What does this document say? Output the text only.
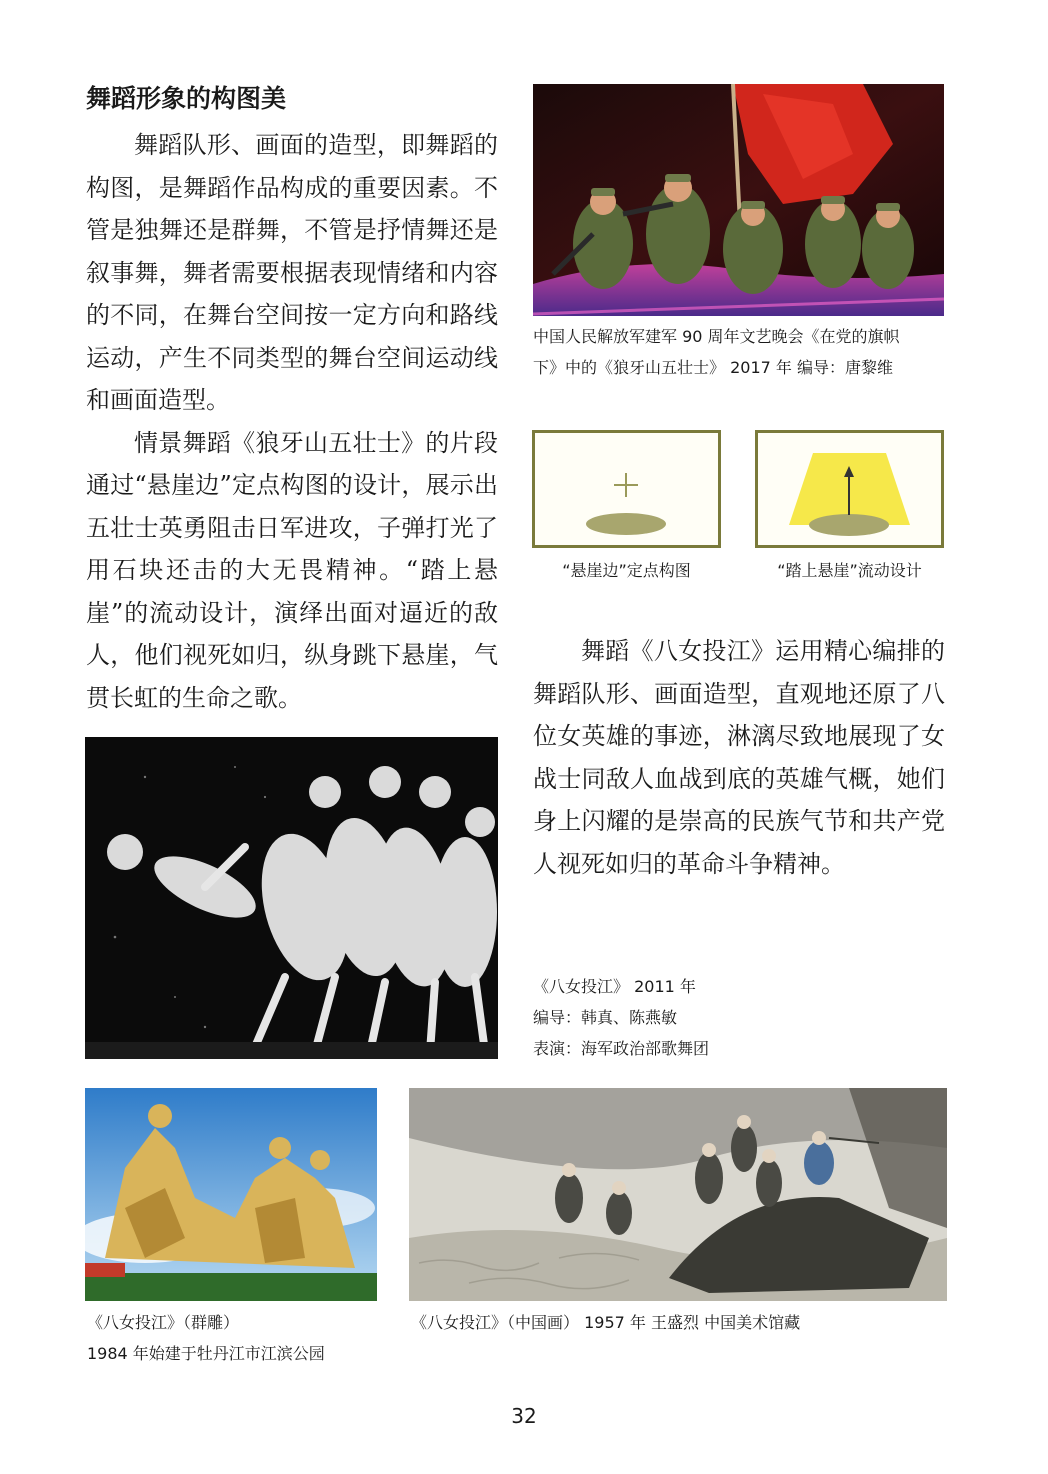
舞蹈形象的构图美

舞蹈队形、画面的造型，即舞蹈的构图，是舞蹈作品构成的重要因素。不管是独舞还是群舞，不管是抒情舞还是叙事舞，舞者需要根据表现情绪和内容的不同，在舞台空间按一定方向和路线运动，产生不同类型的舞台空间运动线和画面造型。

情景舞蹈《狼牙山五壮士》的片段通过“悬崖边”定点构图的设计，展示出五壮士英勇阻击日军进攻，子弹打光了用石块还击的大无畏精神。“踏上悬崖”的流动设计，演绎出面对逼近的敌人，他们视死如归，纵身跳下悬崖，气贯长虹的生命之歌。

中国人民解放军建军 90 周年文艺晚会《在党的旗帜
下》中的《狼牙山五壮士》 2017 年 编导：唐黎维
“悬崖边”定点构图	“踏上悬崖”流动设计

舞蹈《八女投江》运用精心编排的舞蹈队形、画面造型，直观地还原了八位女英雄的事迹，淋漓尽致地展现了女战士同敌人血战到底的英雄气概，她们身上闪耀的是崇高的民族气节和共产党人视死如归的革命斗争精神。

《八女投江》 2011 年
编导：韩真、陈燕敏
表演：海军政治部歌舞团
《八女投江》（群雕）
1984 年始建于牡丹江市江滨公园
《八女投江》（中国画） 1957 年 王盛烈 中国美术馆藏
32
